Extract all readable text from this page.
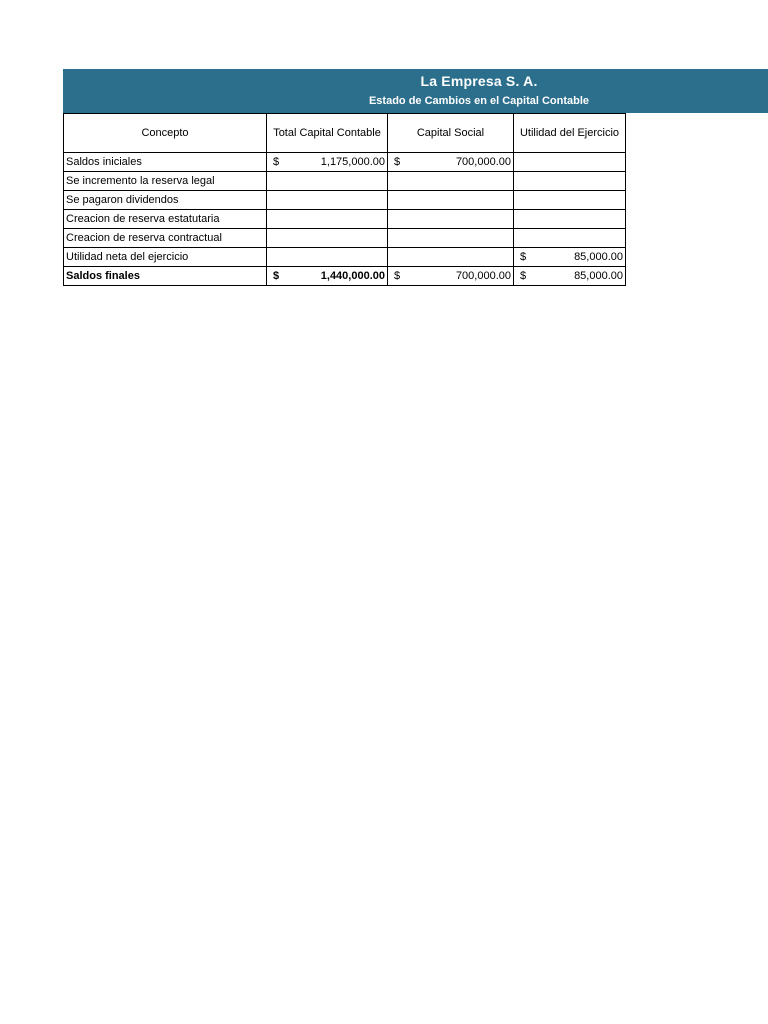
La Empresa S. A.
Estado de Cambios en el Capital Contable
Concepto	Total Capital Contable	Capital Social	Utilidad del Ejercicio
Saldos iniciales	$ 1,175,000.00	$ 700,000.00	

Se incremento la reserva legal	

Se pagaron dividendos	

Creacion de reserva estatutaria	

Creacion de reserva contractual	

Utilidad neta del ejercicio			$ 85,000.00

Saldos finales	$ 1,440,000.00	$ 700,000.00	$ 85,000.00
